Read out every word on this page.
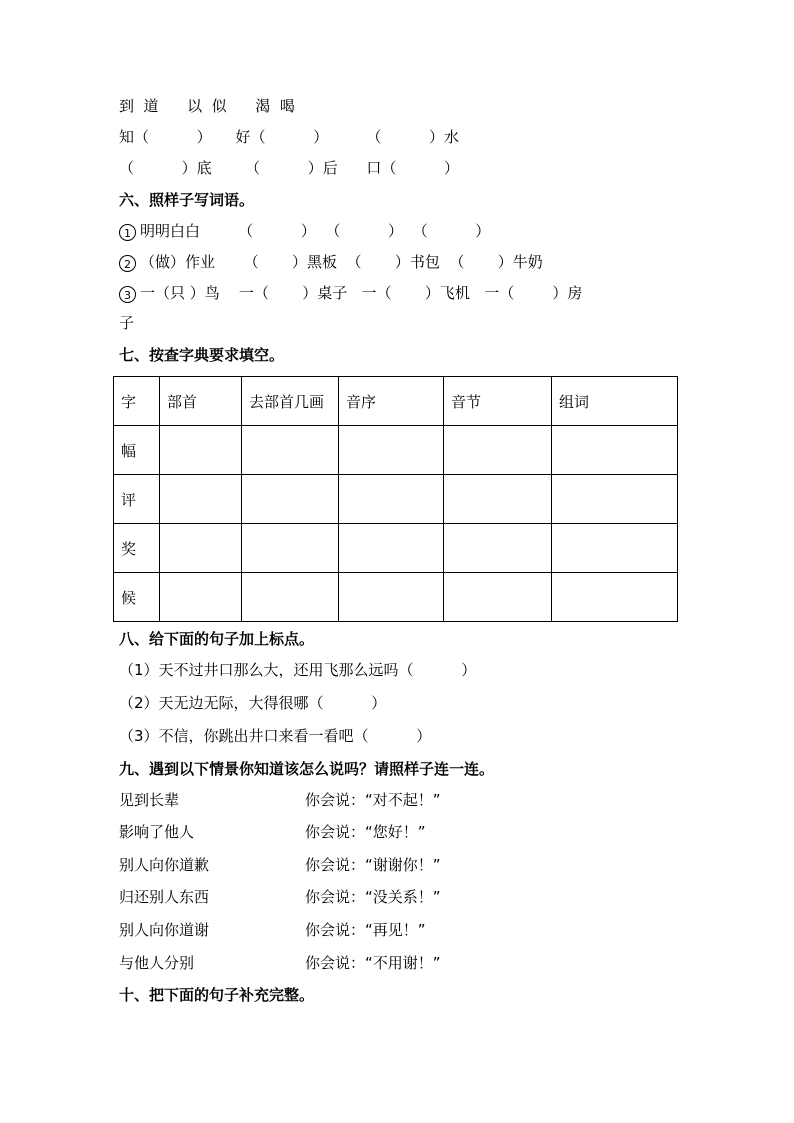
到  道      以  似      渴  喝
知（          ）     好（          ）        （          ）水
（          ）底       （          ）后      口（          ）
六、照样子写词语。
1 明明白白        （          ）  （          ）  （          ）
2 （做）作业      （       ）黑板  （       ）书包  （       ）牛奶
3 一（只 ）鸟    一（       ）桌子   一（       ）飞机   一（        ）房
子
七、按查字典要求填空。
字	部首	去部首几画	音序	音节	组词
幅					
评					
奖					
候					
八、给下面的句子加上标点。
（1）天不过井口那么大，还用飞那么远吗（          ）
（2）天无边无际，大得很哪（          ）
（3）不信，你跳出井口来看一看吧（          ）
九、遇到以下情景你知道该怎么说吗？请照样子连一连。
见到长辈	你会说：“对不起！”
影响了他人	你会说：“您好！”
别人向你道歉	你会说：“谢谢你！”
归还别人东西	你会说：“没关系！”
别人向你道谢	你会说：“再见！”
与他人分别	你会说：“不用谢！”
十、把下面的句子补充完整。
